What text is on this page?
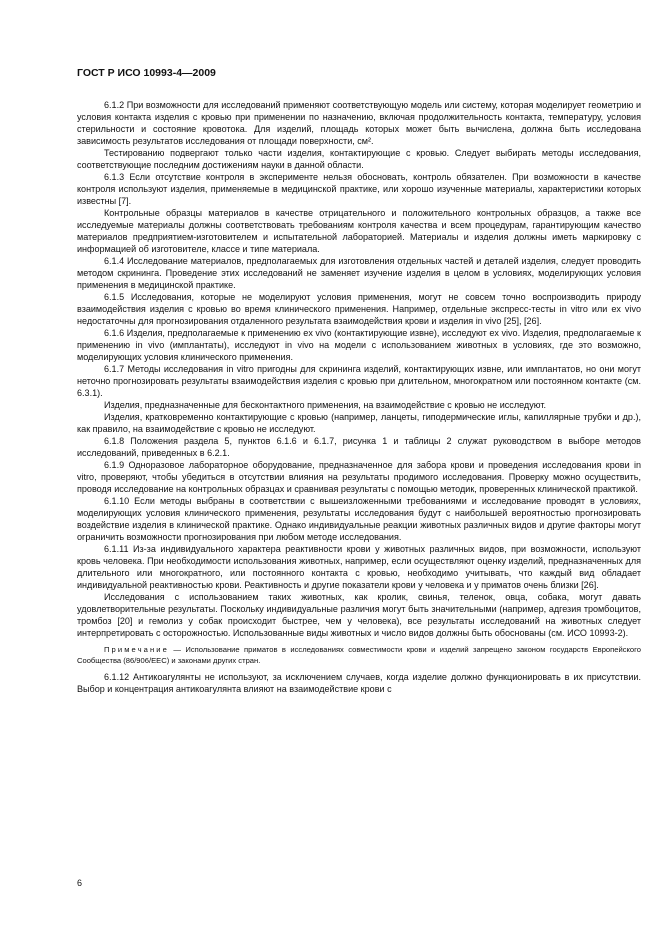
ГОСТ Р ИСО 10993-4—2009

6.1.2 При возможности для исследований применяют соответствующую модель или систему, которая моделирует геометрию и условия контакта изделия с кровью при применении по назначению, включая продолжительность контакта, температуру, условия стерильности и состояние кровотока. Для изделий, площадь которых может быть вычислена, должна быть исследована зависимость результатов исследования от площади поверхности, см².

Тестированию подвергают только части изделия, контактирующие с кровью. Следует выбирать методы исследования, соответствующие последним достижениям науки в данной области.

6.1.3 Если отсутствие контроля в эксперименте нельзя обосновать, контроль обязателен. При возможности в качестве контроля используют изделия, применяемые в медицинской практике, или хорошо изученные материалы, характеристики которых известны [7].

Контрольные образцы материалов в качестве отрицательного и положительного контрольных образцов, а также все исследуемые материалы должны соответствовать требованиям контроля качества и всем процедурам, гарантирующим качество материалов предприятием-изготовителем и испытательной лабораторией. Материалы и изделия должны иметь маркировку с информацией об изготовителе, классе и типе материала.

6.1.4 Исследование материалов, предполагаемых для изготовления отдельных частей и деталей изделия, следует проводить методом скрининга. Проведение этих исследований не заменяет изучение изделия в целом в условиях, моделирующих условия применения в медицинской практике.

6.1.5 Исследования, которые не моделируют условия применения, могут не совсем точно воспроизводить природу взаимодействия изделия с кровью во время клинического применения. Например, отдельные экспресс-тесты in vitro или ex vivo недостаточны для прогнозирования отдаленного результата взаимодействия крови и изделия in vivo [25], [26].

6.1.6 Изделия, предполагаемые к применению ex vivo (контактирующие извне), исследуют ex vivo. Изделия, предполагаемые к применению in vivo (имплантаты), исследуют in vivo на модели с использованием животных в условиях, где это возможно, моделирующих условия клинического применения.

6.1.7 Методы исследования in vitro пригодны для скрининга изделий, контактирующих извне, или имплантатов, но они могут неточно прогнозировать результаты взаимодействия изделия с кровью при длительном, многократном или постоянном контакте (см. 6.3.1).

Изделия, предназначенные для бесконтактного применения, на взаимодействие с кровью не исследуют.

Изделия, кратковременно контактирующие с кровью (например, ланцеты, гиподермические иглы, капиллярные трубки и др.), как правило, на взаимодействие с кровью не исследуют.

6.1.8 Положения раздела 5, пунктов 6.1.6 и 6.1.7, рисунка 1 и таблицы 2 служат руководством в выборе методов исследований, приведенных в 6.2.1.

6.1.9 Одноразовое лабораторное оборудование, предназначенное для забора крови и проведения исследования крови in vitro, проверяют, чтобы убедиться в отсутствии влияния на результаты продимого исследования. Проверку можно осуществить, проводя исследование на контрольных образцах и сравнивая результаты с помощью методик, проверенных клинической практикой.

6.1.10 Если методы выбраны в соответствии с вышеизложенными требованиями и исследование проводят в условиях, моделирующих условия клинического применения, результаты исследования будут с наибольшей вероятностью прогнозировать воздействие изделия в клинической практике. Однако индивидуальные реакции животных различных видов и другие факторы могут ограничить возможности прогнозирования при любом методе исследования.

6.1.11 Из-за индивидуального характера реактивности крови у животных различных видов, при возможности, используют кровь человека. При необходимости использования животных, например, если осуществляют оценку изделий, предназначенных для длительного или многократного, или постоянного контакта с кровью, необходимо учитывать, что каждый вид обладает индивидуальной реактивностью крови. Реактивность и другие показатели крови у человека и у приматов очень близки [26].

Исследования с использованием таких животных, как кролик, свинья, теленок, овца, собака, могут давать удовлетворительные результаты. Поскольку индивидуальные различия могут быть значительными (например, адгезия тромбоцитов, тромбоз [20] и гемолиз у собак происходит быстрее, чем у человека), все результаты исследований на животных следует интерпретировать с осторожностью. Использованные виды животных и число видов должны быть обоснованы (см. ИСО 10993-2).

Примечание — Использование приматов в исследованиях совместимости крови и изделий запрещено законом государств Европейского Сообщества (86/906/EEC) и законами других стран.

6.1.12 Антикоагулянты не используют, за исключением случаев, когда изделие должно функционировать в их присутствии. Выбор и концентрация антикоагулянта влияют на взаимодействие крови с

6
